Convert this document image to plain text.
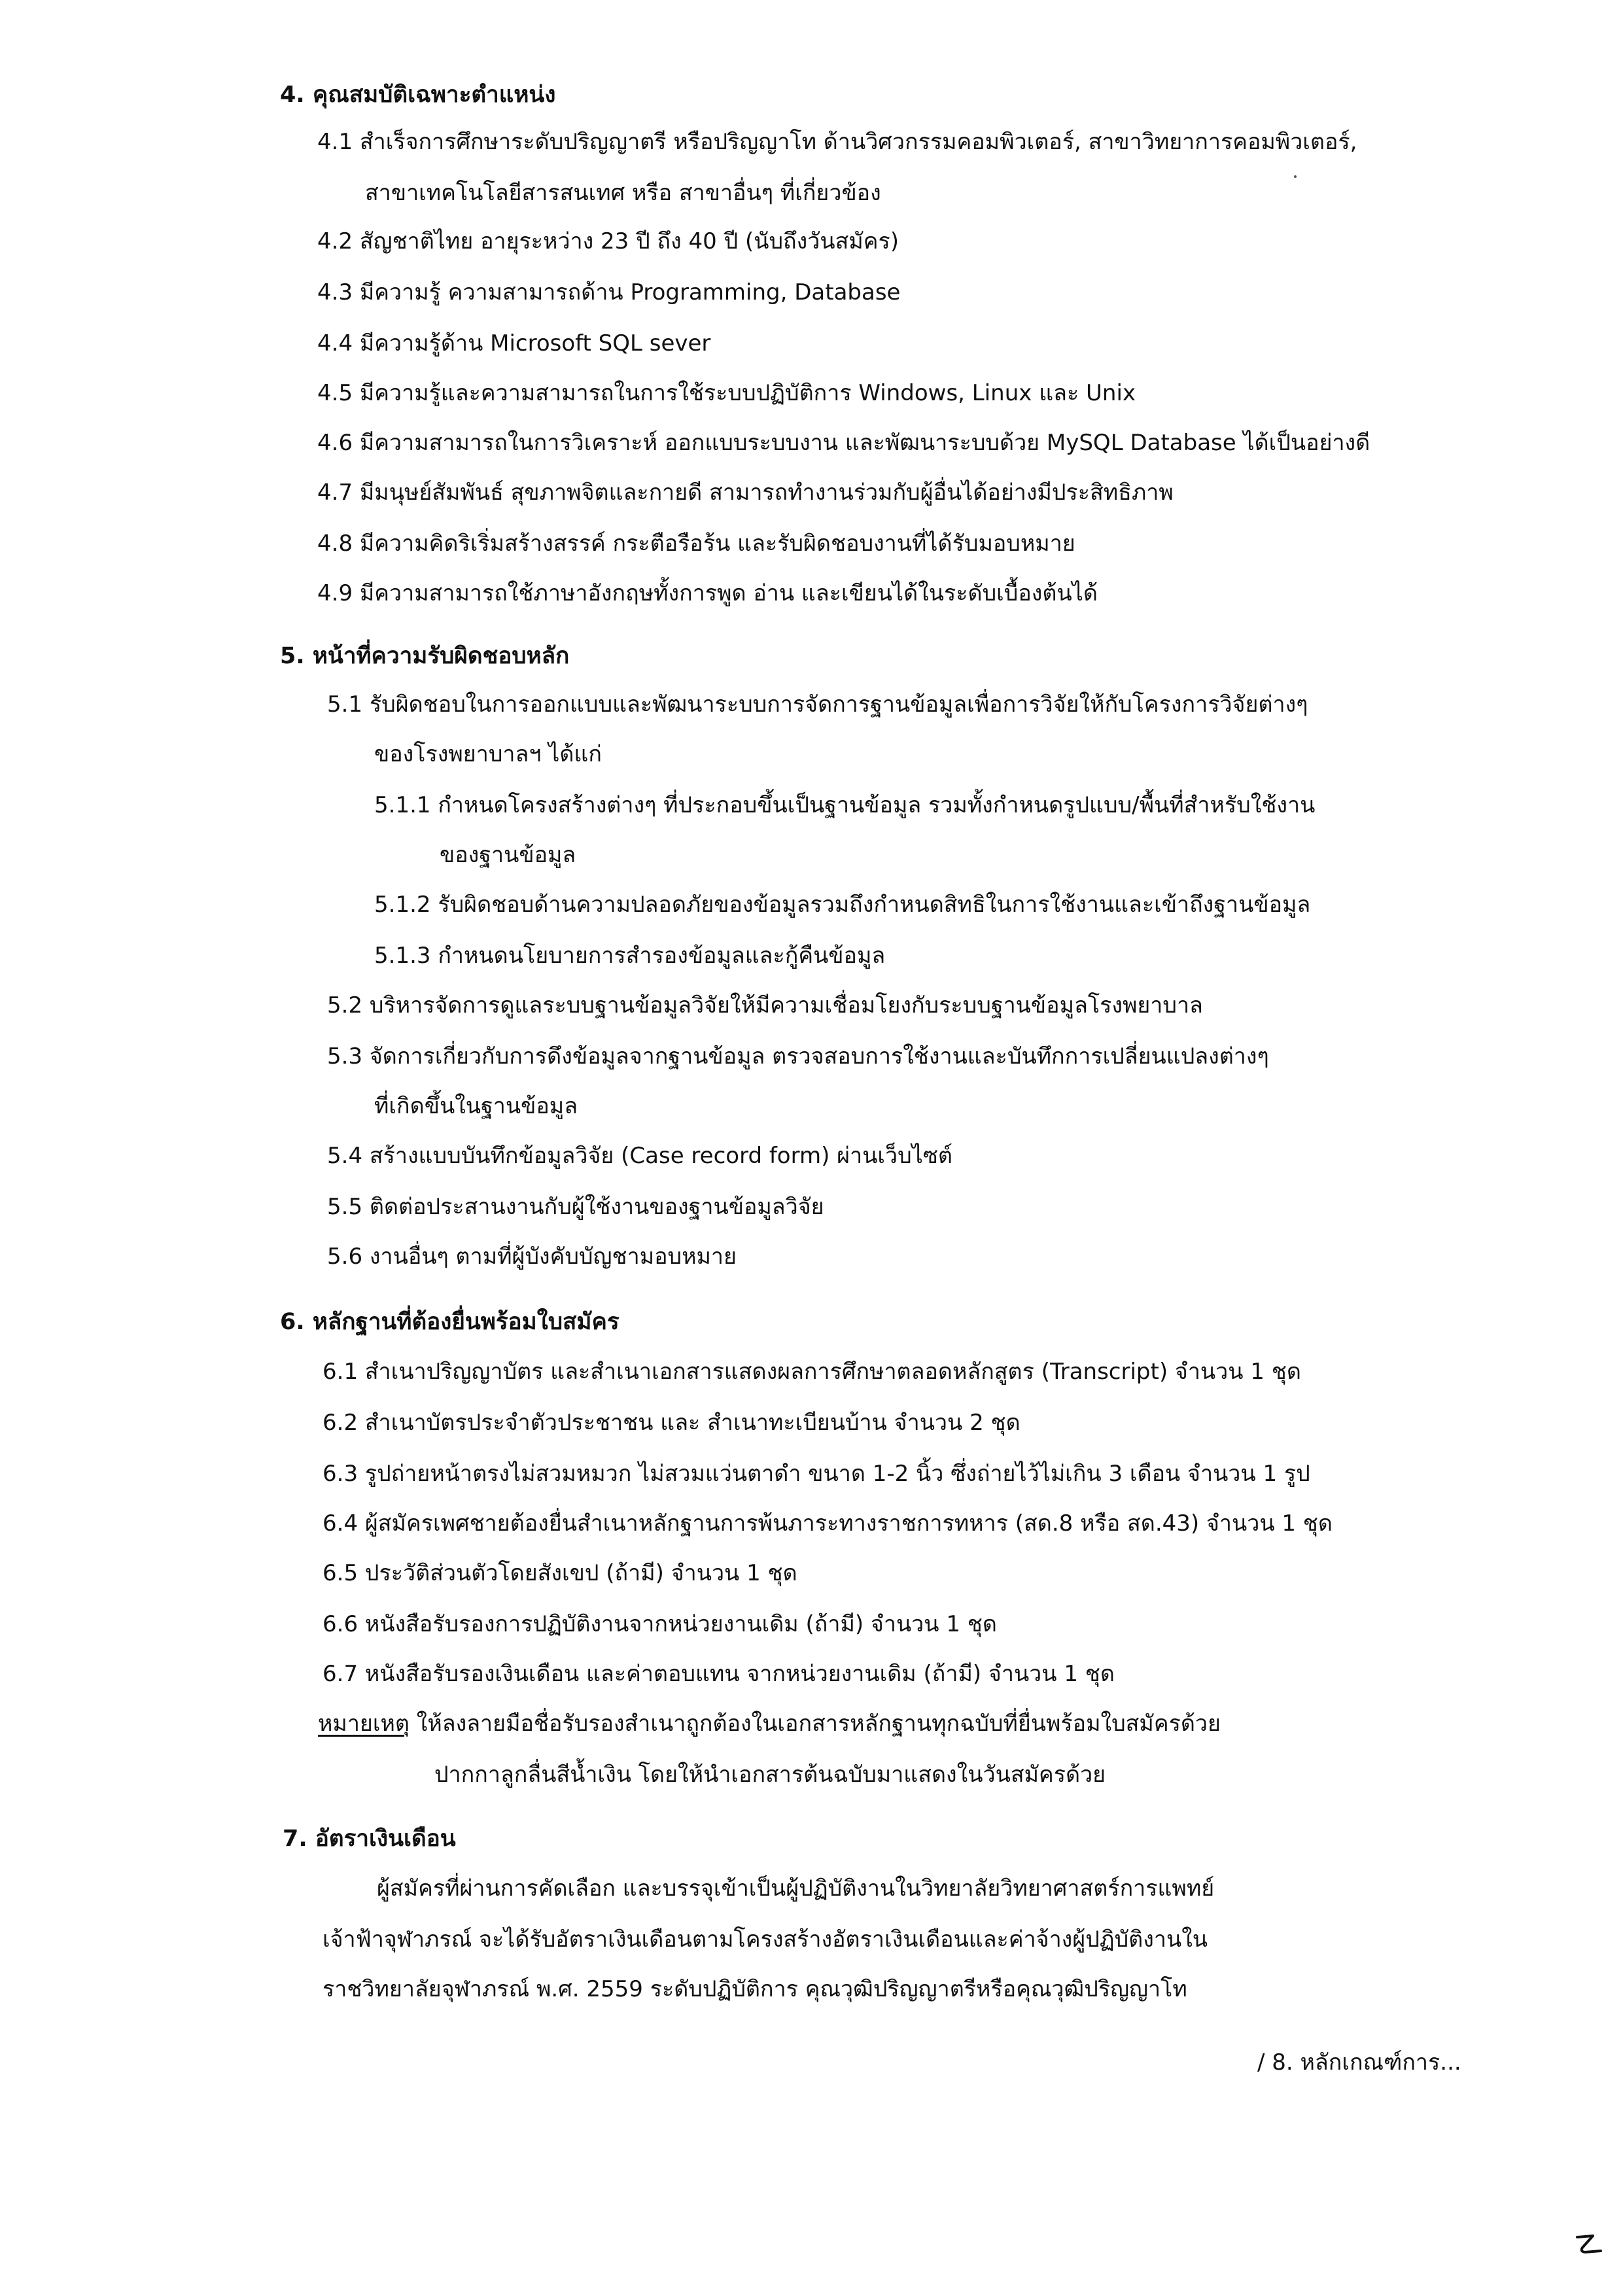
4. คุณสมบัติเฉพาะตำแหน่ง
4.1 สำเร็จการศึกษาระดับปริญญาตรี หรือปริญญาโท ด้านวิศวกรรมคอมพิวเตอร์, สาขาวิทยาการคอมพิวเตอร์,
สาขาเทคโนโลยีสารสนเทศ หรือ สาขาอื่นๆ ที่เกี่ยวข้อง
4.2 สัญชาติไทย อายุระหว่าง 23 ปี ถึง 40 ปี (นับถึงวันสมัคร)
4.3 มีความรู้ ความสามารถด้าน Programming, Database
4.4 มีความรู้ด้าน Microsoft SQL sever
4.5 มีความรู้และความสามารถในการใช้ระบบปฏิบัติการ Windows, Linux และ Unix
4.6 มีความสามารถในการวิเคราะห์ ออกแบบระบบงาน และพัฒนาระบบด้วย MySQL Database ได้เป็นอย่างดี
4.7 มีมนุษย์สัมพันธ์ สุขภาพจิตและกายดี สามารถทำงานร่วมกับผู้อื่นได้อย่างมีประสิทธิภาพ
4.8 มีความคิดริเริ่มสร้างสรรค์ กระตือรือร้น และรับผิดชอบงานที่ได้รับมอบหมาย
4.9 มีความสามารถใช้ภาษาอังกฤษทั้งการพูด อ่าน และเขียนได้ในระดับเบื้องต้นได้
5. หน้าที่ความรับผิดชอบหลัก
5.1 รับผิดชอบในการออกแบบและพัฒนาระบบการจัดการฐานข้อมูลเพื่อการวิจัยให้กับโครงการวิจัยต่างๆ
ของโรงพยาบาลฯ ได้แก่
5.1.1 กำหนดโครงสร้างต่างๆ ที่ประกอบขึ้นเป็นฐานข้อมูล รวมทั้งกำหนดรูปแบบ/พื้นที่สำหรับใช้งาน
ของฐานข้อมูล
5.1.2 รับผิดชอบด้านความปลอดภัยของข้อมูลรวมถึงกำหนดสิทธิในการใช้งานและเข้าถึงฐานข้อมูล
5.1.3 กำหนดนโยบายการสำรองข้อมูลและกู้คืนข้อมูล
5.2 บริหารจัดการดูแลระบบฐานข้อมูลวิจัยให้มีความเชื่อมโยงกับระบบฐานข้อมูลโรงพยาบาล
5.3 จัดการเกี่ยวกับการดึงข้อมูลจากฐานข้อมูล ตรวจสอบการใช้งานและบันทึกการเปลี่ยนแปลงต่างๆ
ที่เกิดขึ้นในฐานข้อมูล
5.4 สร้างแบบบันทึกข้อมูลวิจัย (Case record form) ผ่านเว็บไซต์
5.5 ติดต่อประสานงานกับผู้ใช้งานของฐานข้อมูลวิจัย
5.6 งานอื่นๆ ตามที่ผู้บังคับบัญชามอบหมาย
6. หลักฐานที่ต้องยื่นพร้อมใบสมัคร
6.1 สำเนาปริญญาบัตร และสำเนาเอกสารแสดงผลการศึกษาตลอดหลักสูตร (Transcript) จำนวน 1 ชุด
6.2 สำเนาบัตรประจำตัวประชาชน และ สำเนาทะเบียนบ้าน จำนวน 2 ชุด
6.3 รูปถ่ายหน้าตรงไม่สวมหมวก ไม่สวมแว่นตาดำ ขนาด 1-2 นิ้ว ซึ่งถ่ายไว้ไม่เกิน 3 เดือน จำนวน 1 รูป
6.4 ผู้สมัครเพศชายต้องยื่นสำเนาหลักฐานการพ้นภาระทางราชการทหาร (สด.8 หรือ สด.43) จำนวน 1 ชุด
6.5 ประวัติส่วนตัวโดยสังเขป (ถ้ามี) จำนวน 1 ชุด
6.6 หนังสือรับรองการปฏิบัติงานจากหน่วยงานเดิม (ถ้ามี) จำนวน 1 ชุด
6.7 หนังสือรับรองเงินเดือน และค่าตอบแทน จากหน่วยงานเดิม (ถ้ามี) จำนวน 1 ชุด
หมายเหตุ ให้ลงลายมือชื่อรับรองสำเนาถูกต้องในเอกสารหลักฐานทุกฉบับที่ยื่นพร้อมใบสมัครด้วย
ปากกาลูกลื่นสีน้ำเงิน โดยให้นำเอกสารต้นฉบับมาแสดงในวันสมัครด้วย
7. อัตราเงินเดือน
ผู้สมัครที่ผ่านการคัดเลือก และบรรจุเข้าเป็นผู้ปฏิบัติงานในวิทยาลัยวิทยาศาสตร์การแพทย์
เจ้าฟ้าจุฬาภรณ์ จะได้รับอัตราเงินเดือนตามโครงสร้างอัตราเงินเดือนและค่าจ้างผู้ปฏิบัติงานใน
ราชวิทยาลัยจุฬาภรณ์ พ.ศ. 2559 ระดับปฏิบัติการ คุณวุฒิปริญญาตรีหรือคุณวุฒิปริญญาโท
/ 8. หลักเกณฑ์การ...
